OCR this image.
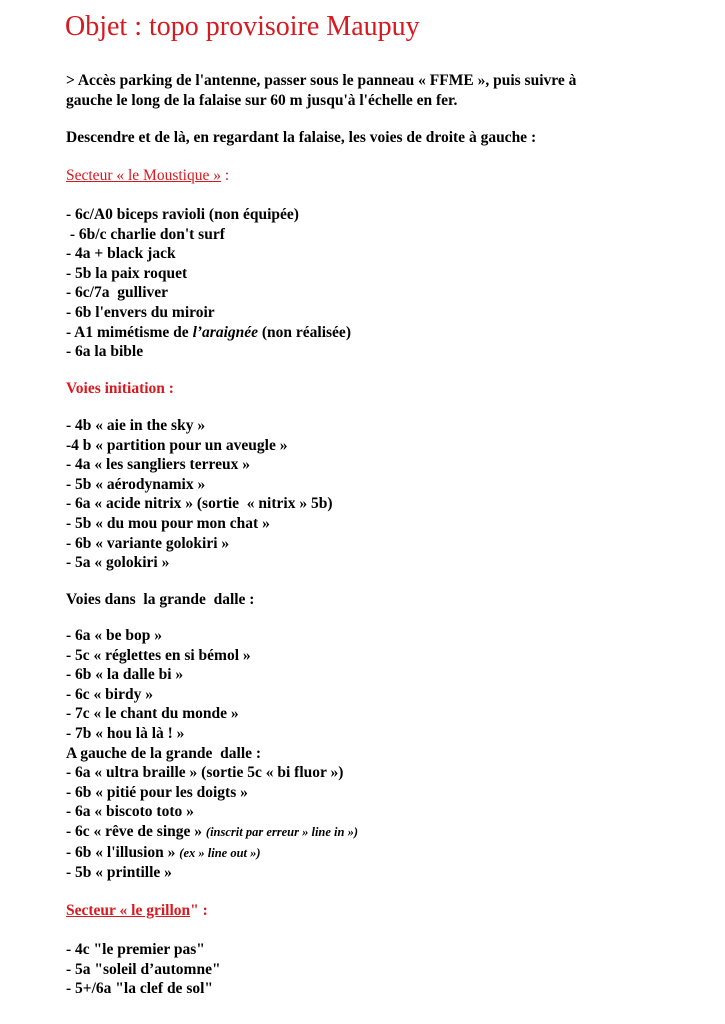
Objet : topo provisoire Maupuy
> Accès parking de l'antenne, passer sous le panneau « FFME », puis suivre à
gauche le long de la falaise sur 60 m jusqu'à l'échelle en fer.
Descendre et de là, en regardant la falaise, les voies de droite à gauche :
Secteur « le Moustique » :
- 6c/A0 biceps ravioli (non équipée)
- 6b/c charlie don't surf
- 4a + black jack
- 5b la paix roquet
- 6c/7a  gulliver
- 6b l'envers du miroir
- A1 mimétisme de l’araignée (non réalisée)
- 6a la bible
Voies initiation :
- 4b « aie in the sky »
-4 b « partition pour un aveugle »
- 4a « les sangliers terreux »
- 5b « aérodynamix »
- 6a « acide nitrix » (sortie  « nitrix » 5b)
- 5b « du mou pour mon chat »
- 6b « variante golokiri »
- 5a « golokiri »
Voies dans  la grande  dalle :
- 6a « be bop »
- 5c « réglettes en si bémol »
- 6b « la dalle bi »
- 6c « birdy »
- 7c « le chant du monde »
- 7b « hou là là ! »
A gauche de la grande  dalle :
- 6a « ultra braille » (sortie 5c « bi fluor »)
- 6b « pitié pour les doigts »
- 6a « biscoto toto »
- 6c « rêve de singe » (inscrit par erreur » line in »)
- 6b « l'illusion » (ex » line out »)
- 5b « printille »
Secteur « le grillon" :
- 4c "le premier pas"
- 5a "soleil d’automne"
- 5+/6a "la clef de sol"
